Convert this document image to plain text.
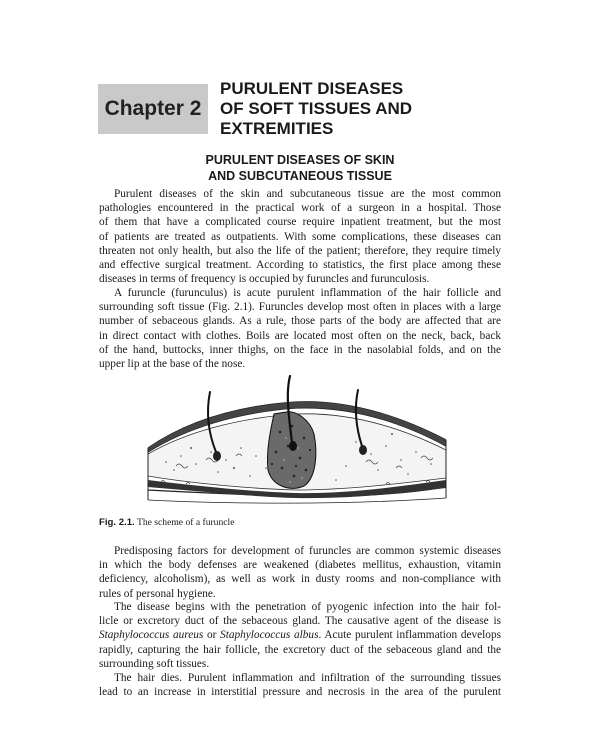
Chapter 2
PURULENT DISEASES
OF SOFT TISSUES AND
EXTREMITIES
PURULENT DISEASES OF SKIN
AND SUBCUTANEOUS TISSUE
Purulent diseases of the skin and subcutaneous tissue are the most common
pathologies encountered in the practical work of a surgeon in a hospital. Those
of them that have a complicated course require inpatient treatment, but the most
of patients are treated as outpatients. With some complications, these diseases can
threaten not only health, but also the life of the patient; therefore, they require timely
and effective surgical treatment. According to statistics, the first place among these
diseases in terms of frequency is occupied by furuncles and furunculosis.
A furuncle (furunculus) is acute purulent inflammation of the hair follicle and
surrounding soft tissue (Fig. 2.1). Furuncles develop most often in places with a large
number of sebaceous glands. As a rule, those parts of the body are affected that are
in direct contact with clothes. Boils are located most often on the neck, back, back
of the hand, buttocks, inner thighs, on the face in the nasolabial folds, and on the
upper lip at the base of the nose.
Fig. 2.1. The scheme of a furuncle
Predisposing factors for development of furuncles are common systemic diseases
in which the body defenses are weakened (diabetes mellitus, exhaustion, vitamin
deficiency, alcoholism), as well as work in dusty rooms and non-compliance with
rules of personal hygiene.
The disease begins with the penetration of pyogenic infection into the hair fol-
licle or excretory duct of the sebaceous gland. The causative agent of the disease is
Staphylococcus aureus or Staphylococcus albus. Acute purulent inflammation develops
rapidly, capturing the hair follicle, the excretory duct of the sebaceous gland and the
surrounding soft tissues.
The hair dies. Purulent inflammation and infiltration of the surrounding tissues
lead to an increase in interstitial pressure and necrosis in the area of the purulent
